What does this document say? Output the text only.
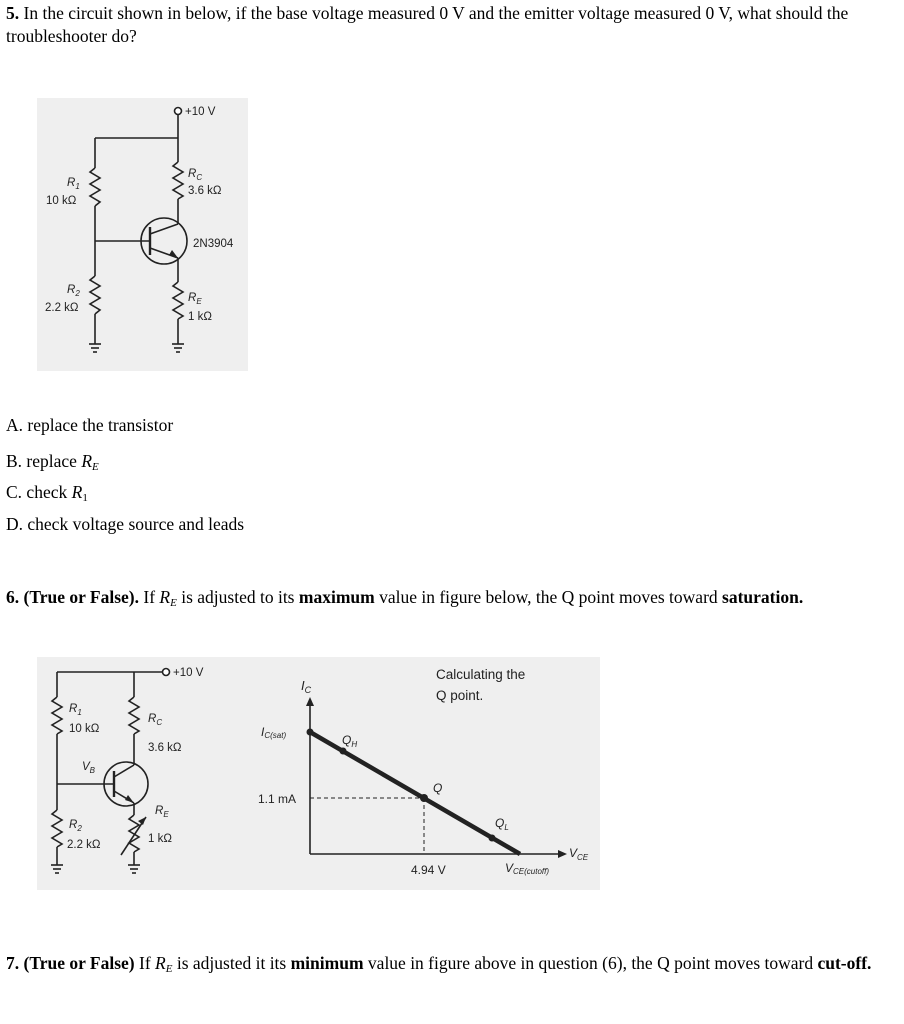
5. In the circuit shown in below, if the base voltage measured 0 V and the emitter voltage measured 0 V, what should the troubleshooter do?

+10 V
$R_1$
10 kΩ
$R_2$
2.2 kΩ
$R_C$
3.6 kΩ
2N3904
$R_E$
1 kΩ

A. replace the transistor

B. replace $R_E$

C. check $R_1$

D. check voltage source and leads

6. (True or False). If $R_E$ is adjusted to its maximum value in figure below, the Q point moves toward saturation.

+10 V
$R_1$
10 kΩ
$V_B$
$R_C$
3.6 kΩ
$R_E$
1 kΩ
$R_2$
2.2 kΩ
Calculating the
Q point.
$I_C$
IC(sat)	$Q_H$
1.1 mA
Q
$Q_L$
4.94 V	VCE(cutoff)
$V_{CE}$

7. (True or False) If $R_E$ is adjusted it its minimum value in figure above in question (6), the Q point moves toward cut-off.
